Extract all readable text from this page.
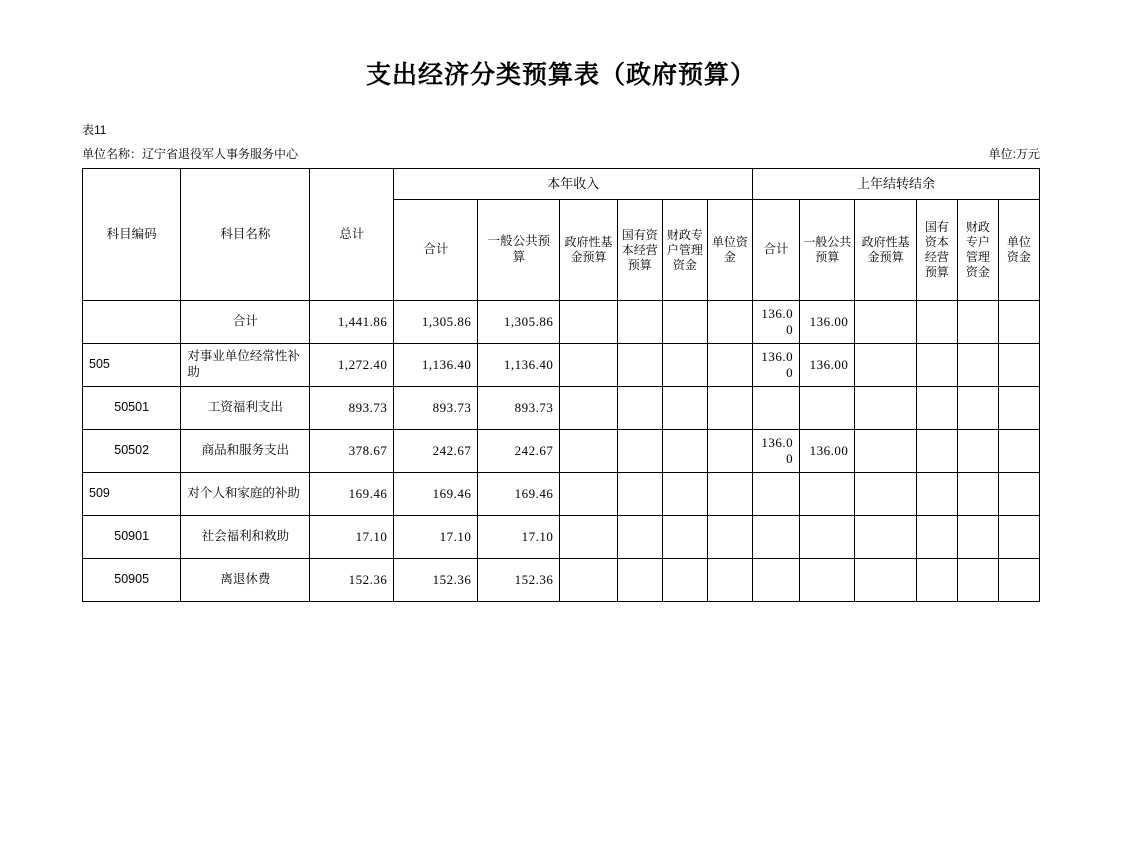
支出经济分类预算表（政府预算）
表11
单位名称：辽宁省退役军人事务服务中心	单位:万元
科目编码	科目名称	总计	本年收入						上年结转结余					
			合计	一般公共预算	政府性基金预算	国有资本经营预算	财政专户管理资金	单位资金	合计	一般公共预算	政府性基金预算	国有资本经营预算	财政专户管理资金	单位资金
	合计	1,441.86	1,305.86	1,305.86					136.00	136.00				
505	对事业单位经常性补助	1,272.40	1,136.40	1,136.40					136.00	136.00				
50501	工资福利支出	893.73	893.73	893.73										
50502	商品和服务支出	378.67	242.67	242.67					136.00	136.00				
509	对个人和家庭的补助	169.46	169.46	169.46										
50901	社会福利和救助	17.10	17.10	17.10										
50905	离退休费	152.36	152.36	152.36										
